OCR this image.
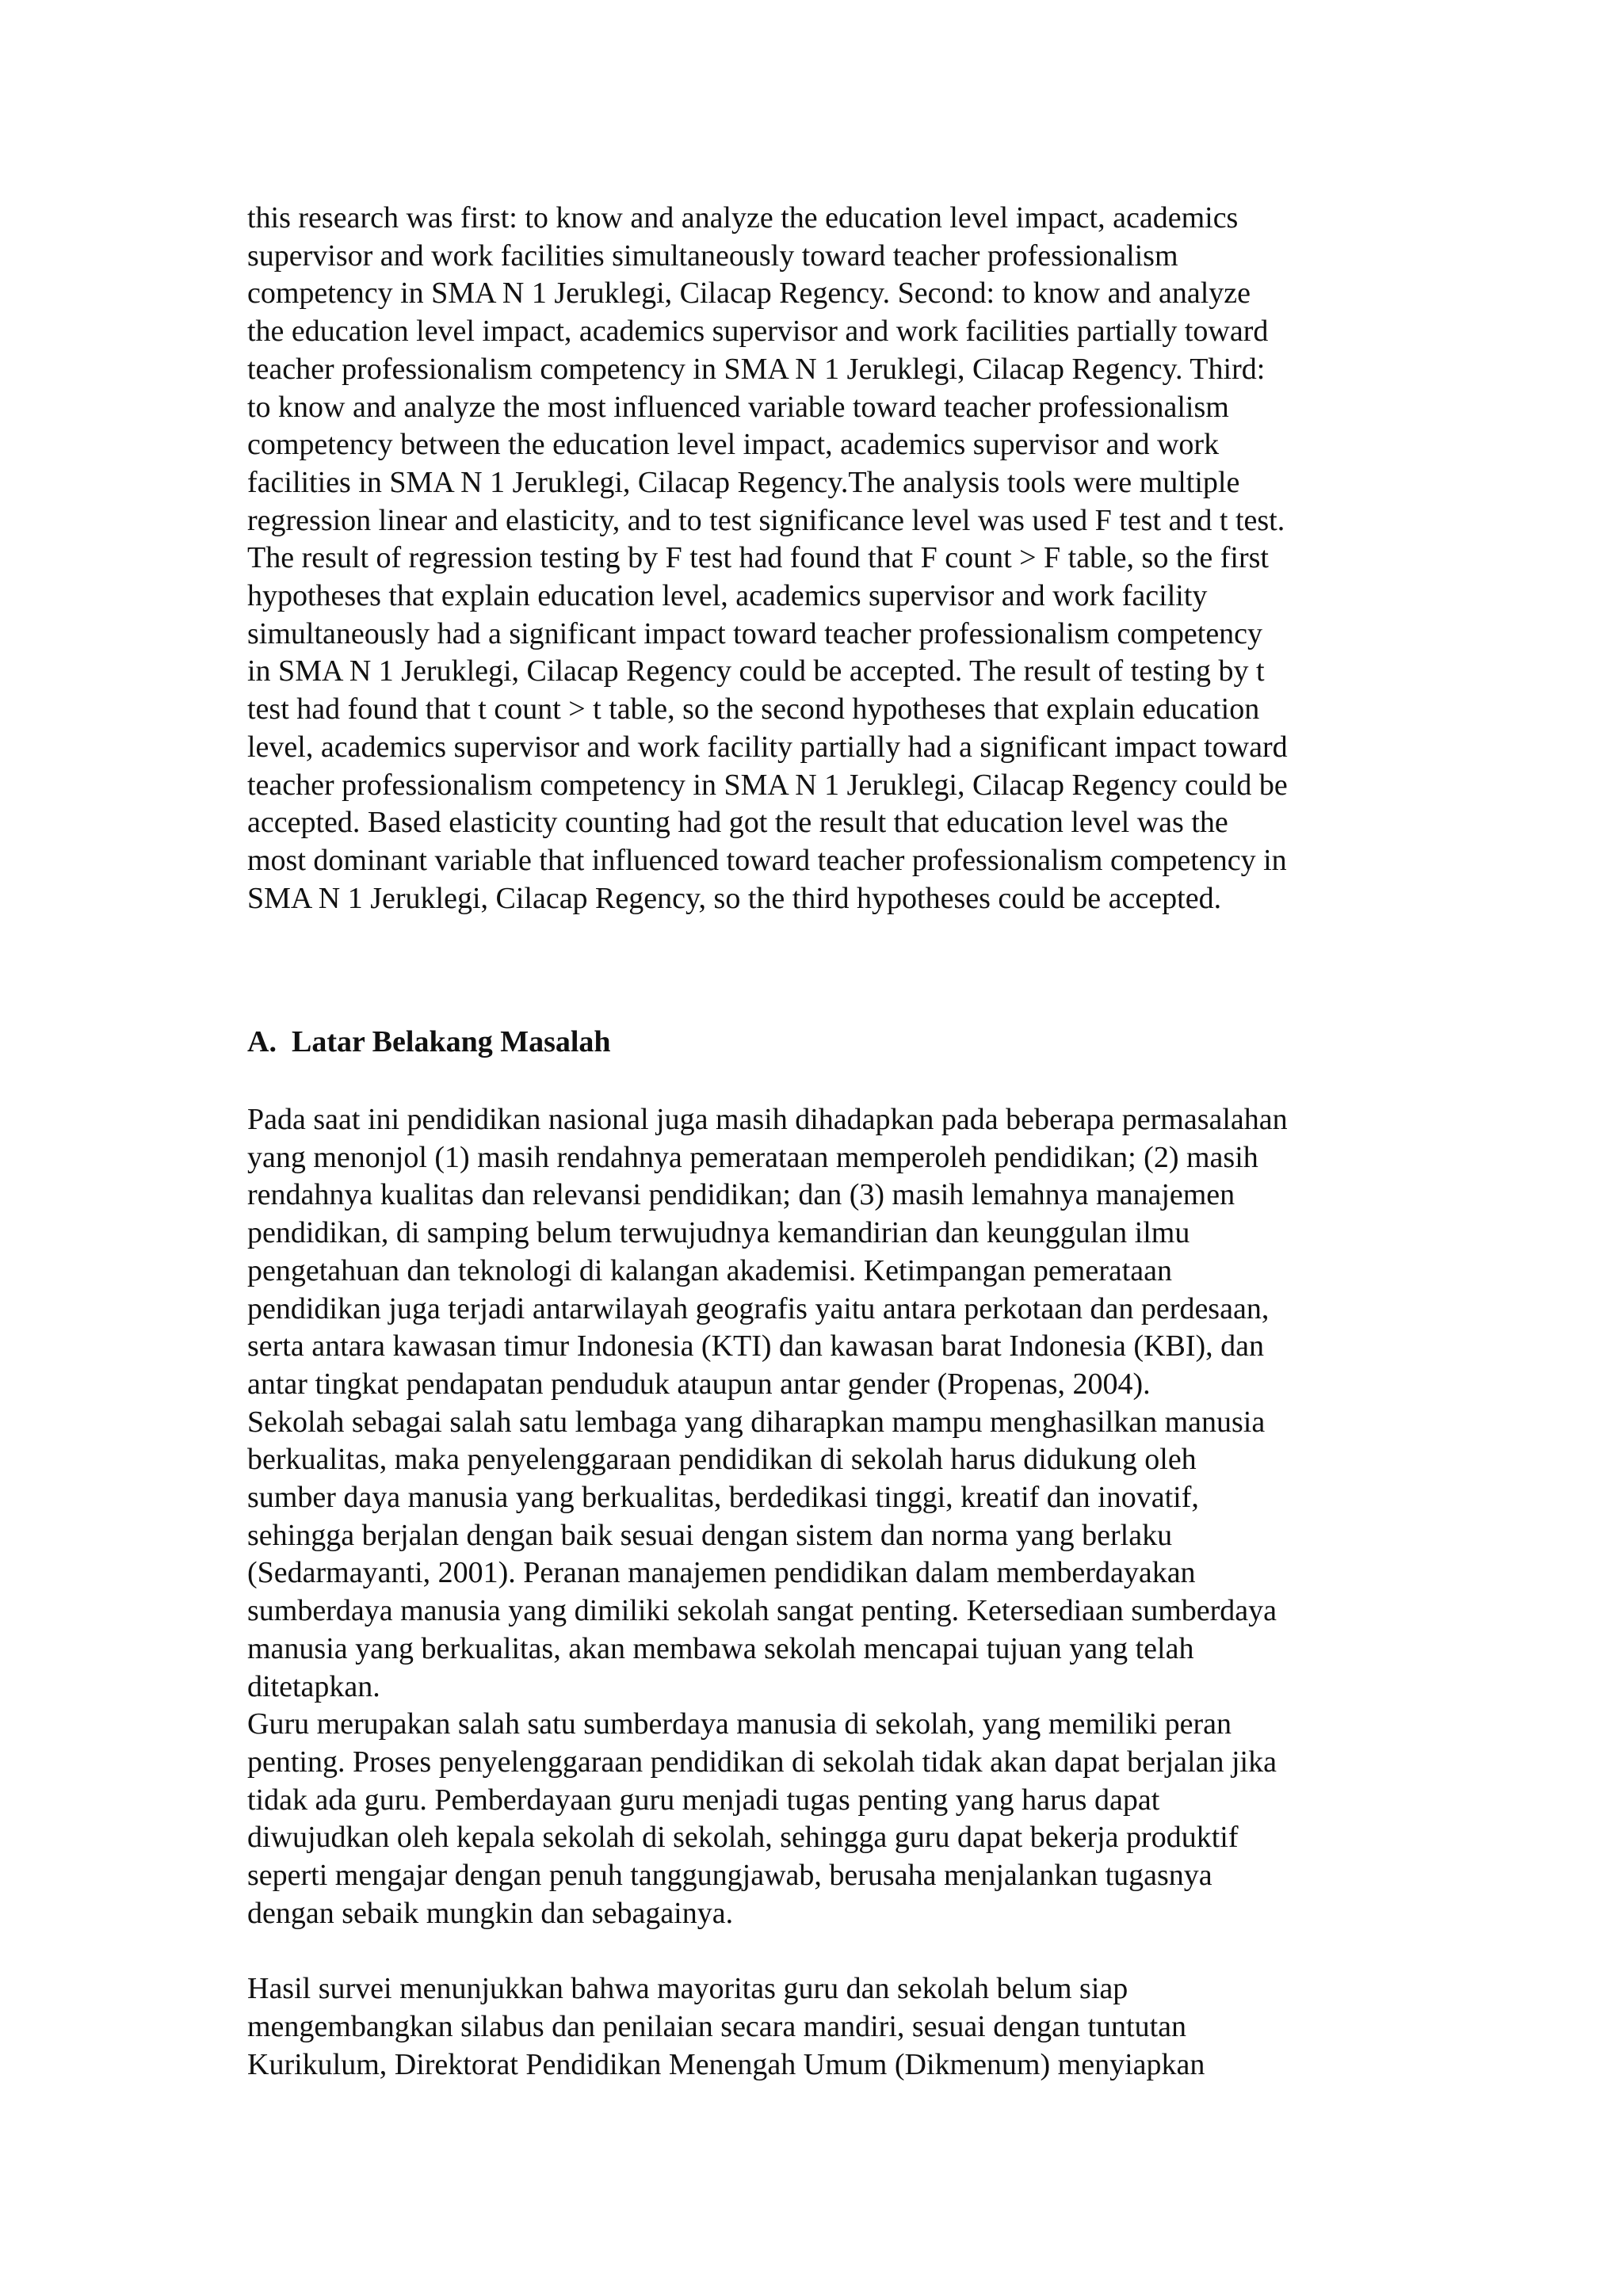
this research was first: to know and analyze the education level impact, academics
supervisor and work facilities simultaneously toward teacher professionalism
competency in SMA N 1 Jeruklegi, Cilacap Regency. Second: to know and analyze
the education level impact, academics supervisor and work facilities partially toward
teacher professionalism competency in SMA N 1 Jeruklegi, Cilacap Regency. Third:
to know and analyze the most influenced variable toward teacher professionalism
competency between the education level impact, academics supervisor and work
facilities in SMA N 1 Jeruklegi, Cilacap Regency.The analysis tools were multiple
regression linear and elasticity, and to test significance level was used F test and t test.
The result of regression testing by F test had found that F count > F table, so the first
hypotheses that explain education level, academics supervisor and work facility
simultaneously had a significant impact toward teacher professionalism competency
in SMA N 1 Jeruklegi, Cilacap Regency could be accepted. The result of testing by t
test had found that t count > t table, so the second hypotheses that explain education
level, academics supervisor and work facility partially had a significant impact toward
teacher professionalism competency in SMA N 1 Jeruklegi, Cilacap Regency could be
accepted. Based elasticity counting had got the result that education level was the
most dominant variable that influenced toward teacher professionalism competency in
SMA N 1 Jeruklegi, Cilacap Regency, so the third hypotheses could be accepted.

A. Latar Belakang Masalah

Pada saat ini pendidikan nasional juga masih dihadapkan pada beberapa permasalahan
yang menonjol (1) masih rendahnya pemerataan memperoleh pendidikan; (2) masih
rendahnya kualitas dan relevansi pendidikan; dan (3) masih lemahnya manajemen
pendidikan, di samping belum terwujudnya kemandirian dan keunggulan ilmu
pengetahuan dan teknologi di kalangan akademisi. Ketimpangan pemerataan
pendidikan juga terjadi antarwilayah geografis yaitu antara perkotaan dan perdesaan,
serta antara kawasan timur Indonesia (KTI) dan kawasan barat Indonesia (KBI), dan
antar tingkat pendapatan penduduk ataupun antar gender (Propenas, 2004).

Sekolah sebagai salah satu lembaga yang diharapkan mampu menghasilkan manusia
berkualitas, maka penyelenggaraan pendidikan di sekolah harus didukung oleh
sumber daya manusia yang berkualitas, berdedikasi tinggi, kreatif dan inovatif,
sehingga berjalan dengan baik sesuai dengan sistem dan norma yang berlaku
(Sedarmayanti, 2001). Peranan manajemen pendidikan dalam memberdayakan
sumberdaya manusia yang dimiliki sekolah sangat penting. Ketersediaan sumberdaya
manusia yang berkualitas, akan membawa sekolah mencapai tujuan yang telah
ditetapkan.

Guru merupakan salah satu sumberdaya manusia di sekolah, yang memiliki peran
penting. Proses penyelenggaraan pendidikan di sekolah tidak akan dapat berjalan jika
tidak ada guru. Pemberdayaan guru menjadi tugas penting yang harus dapat
diwujudkan oleh kepala sekolah di sekolah, sehingga guru dapat bekerja produktif
seperti mengajar dengan penuh tanggungjawab, berusaha menjalankan tugasnya
dengan sebaik mungkin dan sebagainya.

Hasil survei menunjukkan bahwa mayoritas guru dan sekolah belum siap
mengembangkan silabus dan penilaian secara mandiri, sesuai dengan tuntutan
Kurikulum, Direktorat Pendidikan Menengah Umum (Dikmenum) menyiapkan
